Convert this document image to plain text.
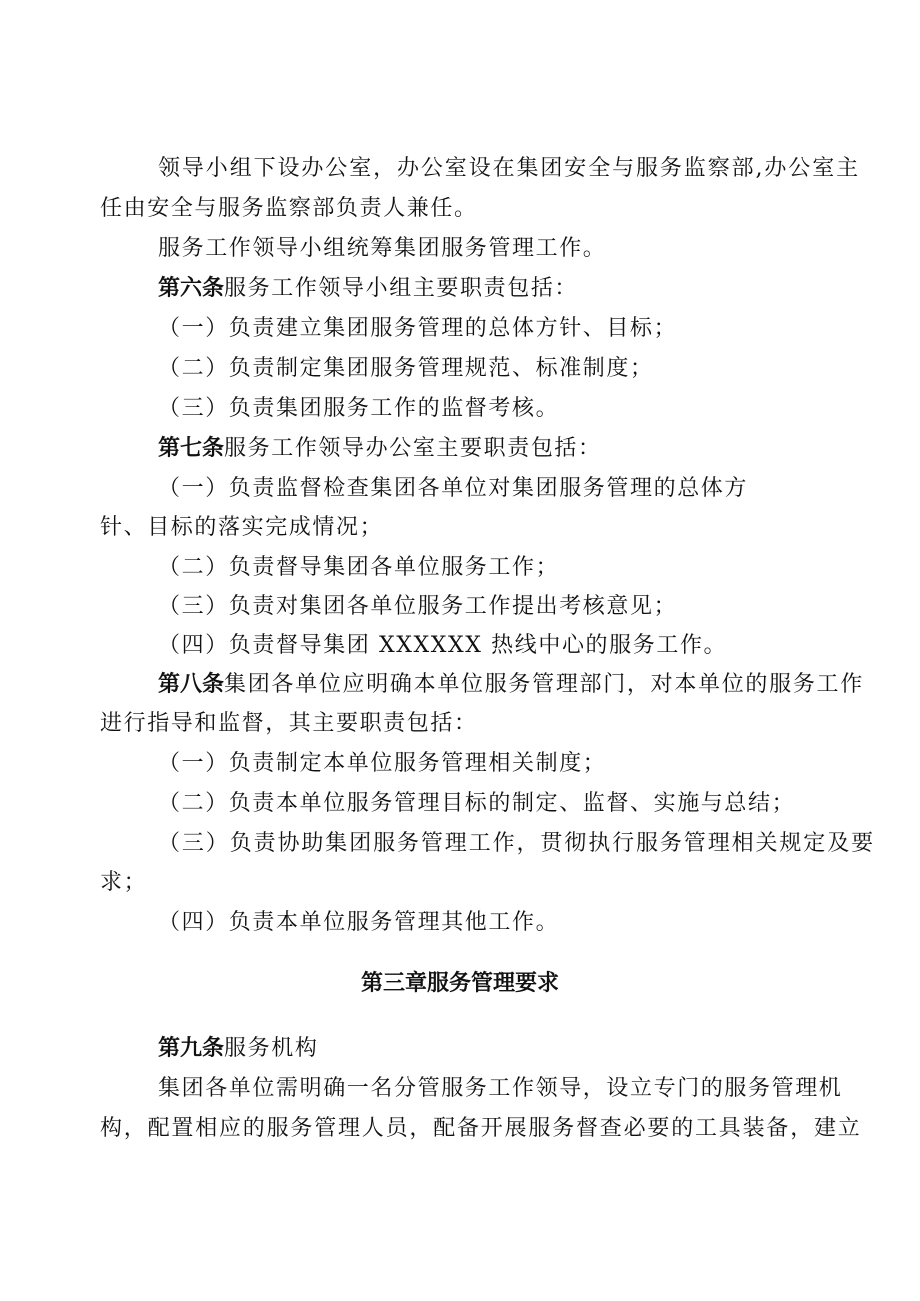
领导小组下设办公室，办公室设在集团安全与服务监察部,办公室主
任由安全与服务监察部负责人兼任。
服务工作领导小组统筹集团服务管理工作。
第六条服务工作领导小组主要职责包括：
（一）负责建立集团服务管理的总体方针、目标；
（二）负责制定集团服务管理规范、标准制度；
（三）负责集团服务工作的监督考核。
第七条服务工作领导办公室主要职责包括：
（一）负责监督检查集团各单位对集团服务管理的总体方
针、目标的落实完成情况；
（二）负责督导集团各单位服务工作；
（三）负责对集团各单位服务工作提出考核意见；
（四）负责督导集团 XXXXXX 热线中心的服务工作。
第八条集团各单位应明确本单位服务管理部门，对本单位的服务工作
进行指导和监督，其主要职责包括：
（一）负责制定本单位服务管理相关制度；
（二）负责本单位服务管理目标的制定、监督、实施与总结；
（三）负责协助集团服务管理工作，贯彻执行服务管理相关规定及要
求；
（四）负责本单位服务管理其他工作。
第三章服务管理要求
第九条服务机构
集团各单位需明确一名分管服务工作领导，设立专门的服务管理机
构，配置相应的服务管理人员，配备开展服务督查必要的工具装备，建立
